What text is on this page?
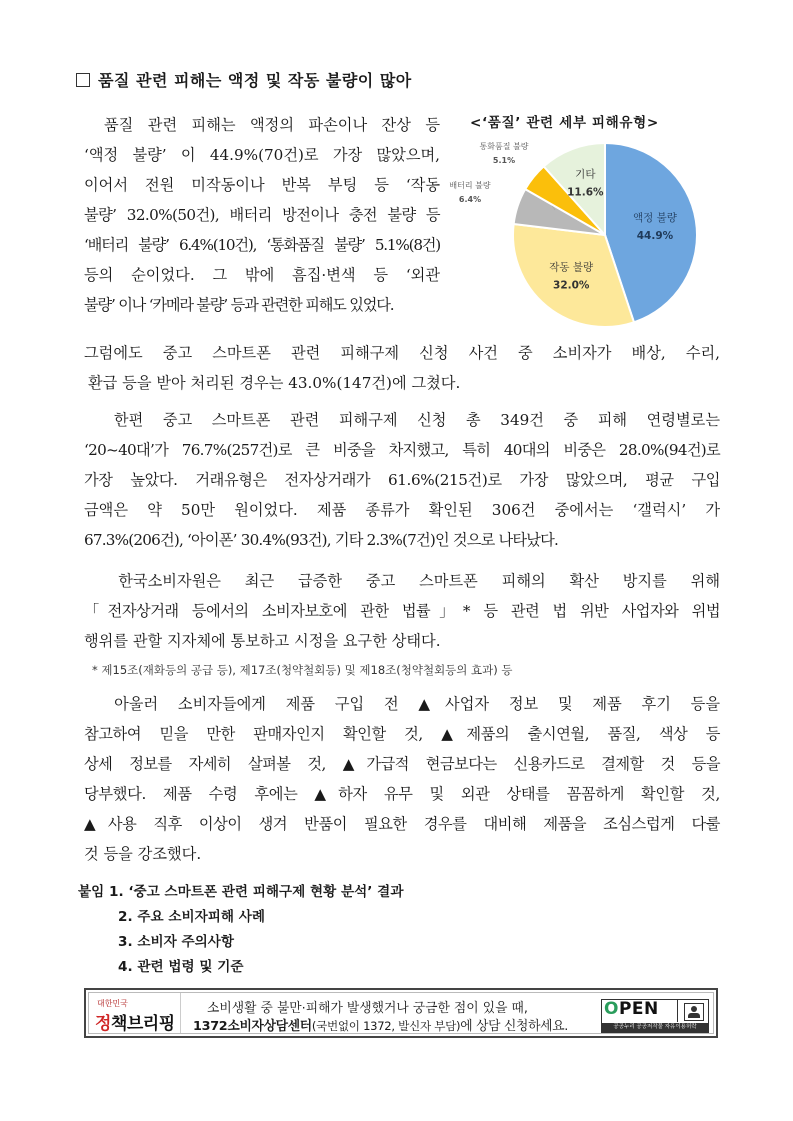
품질 관련 피해는 액정 및 작동 불량이 많아
품질 관련 피해는 액정의 파손이나 잔상 등
‘액정 불량’ 이 44.9%(70건)로 가장 많았으며,
이어서 전원 미작동이나 반복 부팅 등 ‘작동
불량’ 32.0%(50건), 배터리 방전이나 충전 불량 등
‘배터리 불량’ 6.4%(10건), ‘통화품질 불량’ 5.1%(8건)
등의 순이었다. 그 밖에 흠집·변색 등 ‘외관
불량’ 이나 ‘카메라 불량’ 등과 관련한 피해도 있었다.
<‘품질’ 관련 세부 피해유형>
액정 불량
44.9%
작동 불량
32.0%
배터리 불량
6.4%
통화품질 불량
5.1%
기타
11.6%
그럼에도 중고 스마트폰 관련 피해구제 신청 사건 중 소비자가 배상, 수리,
환급 등을 받아 처리된 경우는 43.0%(147건)에 그쳤다.
　한편 중고 스마트폰 관련 피해구제 신청 총 349건 중 피해 연령별로는
‘20~40대’가 76.7%(257건)로 큰 비중을 차지했고, 특히 40대의 비중은 28.0%(94건)로
가장 높았다. 거래유형은 전자상거래가 61.6%(215건)로 가장 많았으며, 평균 구입
금액은 약 50만 원이었다. 제품 종류가 확인된 306건 중에서는 ‘갤럭시’ 가
67.3%(206건), ‘아이폰’ 30.4%(93건), 기타 2.3%(7건)인 것으로 나타났다.
　한국소비자원은 최근 급증한 중고 스마트폰 피해의 확산 방지를 위해
「전자상거래 등에서의 소비자보호에 관한 법률」* 등 관련 법 위반 사업자와 위법
행위를 관할 지자체에 통보하고 시정을 요구한 상태다.
* 제15조(재화등의 공급 등), 제17조(청약철회등) 및 제18조(청약철회등의 효과) 등
　아울러 소비자들에게 제품 구입 전 ▲사업자 정보 및 제품 후기 등을
참고하여 믿을 만한 판매자인지 확인할 것, ▲제품의 출시연월, 품질, 색상 등
상세 정보를 자세히 살펴볼 것, ▲가급적 현금보다는 신용카드로 결제할 것 등을
당부했다. 제품 수령 후에는 ▲하자 유무 및 외관 상태를 꼼꼼하게 확인할 것,
▲사용 직후 이상이 생겨 반품이 필요한 경우를 대비해 제품을 조심스럽게 다룰
것 등을 강조했다.
붙임 1. ‘중고 스마트폰 관련 피해구제 현황 분석’ 결과
2. 주요 소비자피해 사례
3. 소비자 주의사항
4. 관련 법령 및 기준
대한민국
정책브리핑
소비생활 중 불만·피해가 발생했거나 궁금한 점이 있을 때,
1372소비자상담센터(국번없이 1372, 발신자 부담)에 상담 신청하세요.
OPEN
공공누리 공공저작물 자유이용허락
